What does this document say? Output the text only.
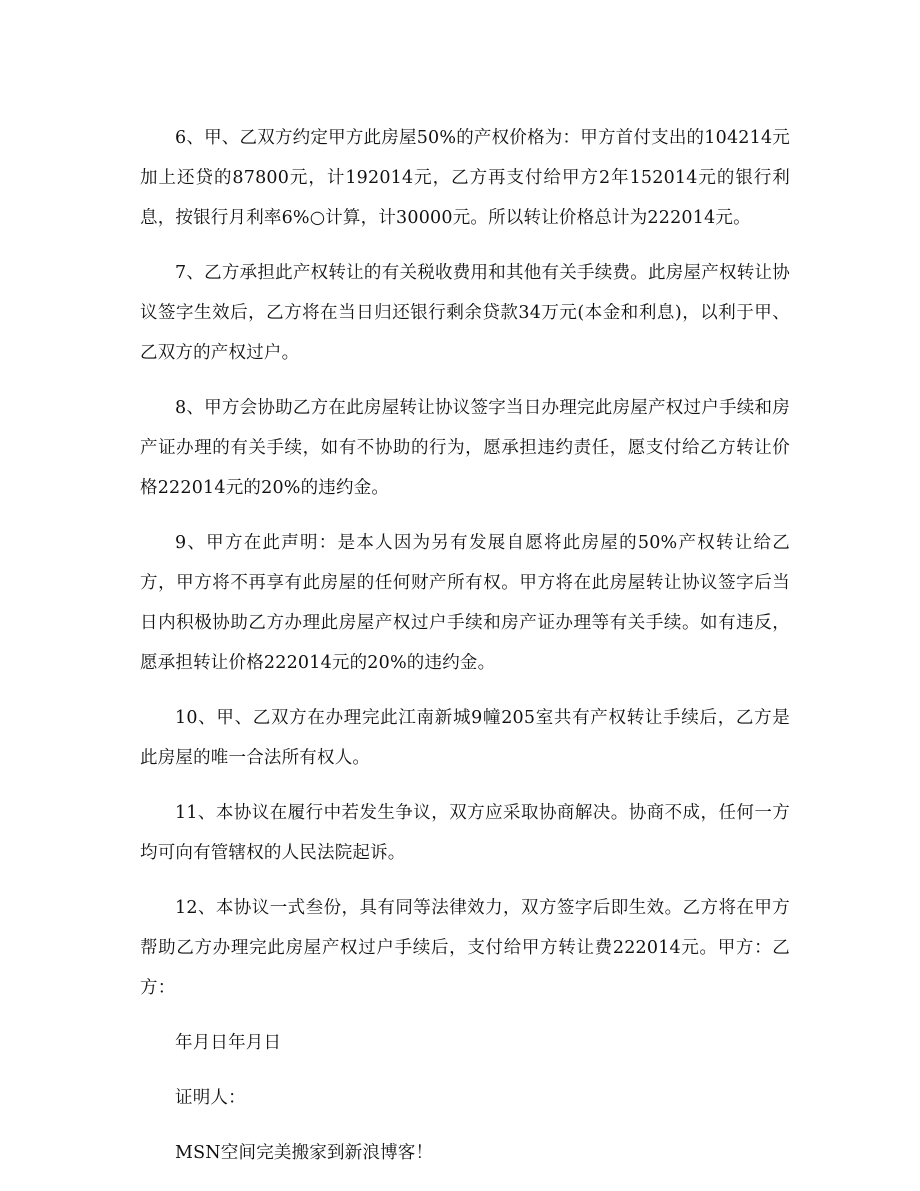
6、甲、乙双方约定甲方此房屋50%的产权价格为：甲方首付支出的104214元加上还贷的87800元，计192014元，乙方再支付给甲方2年152014元的银行利息，按银行月利率6%○计算，计30000元。所以转让价格总计为222014元。

7、乙方承担此产权转让的有关税收费用和其他有关手续费。此房屋产权转让协议签字生效后，乙方将在当日归还银行剩余贷款34万元(本金和利息)，以利于甲、乙双方的产权过户。

8、甲方会协助乙方在此房屋转让协议签字当日办理完此房屋产权过户手续和房产证办理的有关手续，如有不协助的行为，愿承担违约责任，愿支付给乙方转让价格222014元的20%的违约金。

9、甲方在此声明：是本人因为另有发展自愿将此房屋的50%产权转让给乙方，甲方将不再享有此房屋的任何财产所有权。甲方将在此房屋转让协议签字后当日内积极协助乙方办理此房屋产权过户手续和房产证办理等有关手续。如有违反，愿承担转让价格222014元的20%的违约金。

10、甲、乙双方在办理完此江南新城9幢205室共有产权转让手续后，乙方是此房屋的唯一合法所有权人。

11、本协议在履行中若发生争议，双方应采取协商解决。协商不成，任何一方均可向有管辖权的人民法院起诉。

12、本协议一式叁份，具有同等法律效力，双方签字后即生效。乙方将在甲方帮助乙方办理完此房屋产权过户手续后，支付给甲方转让费222014元。甲方：乙方：

年月日年月日

证明人：

MSN空间完美搬家到新浪博客！
